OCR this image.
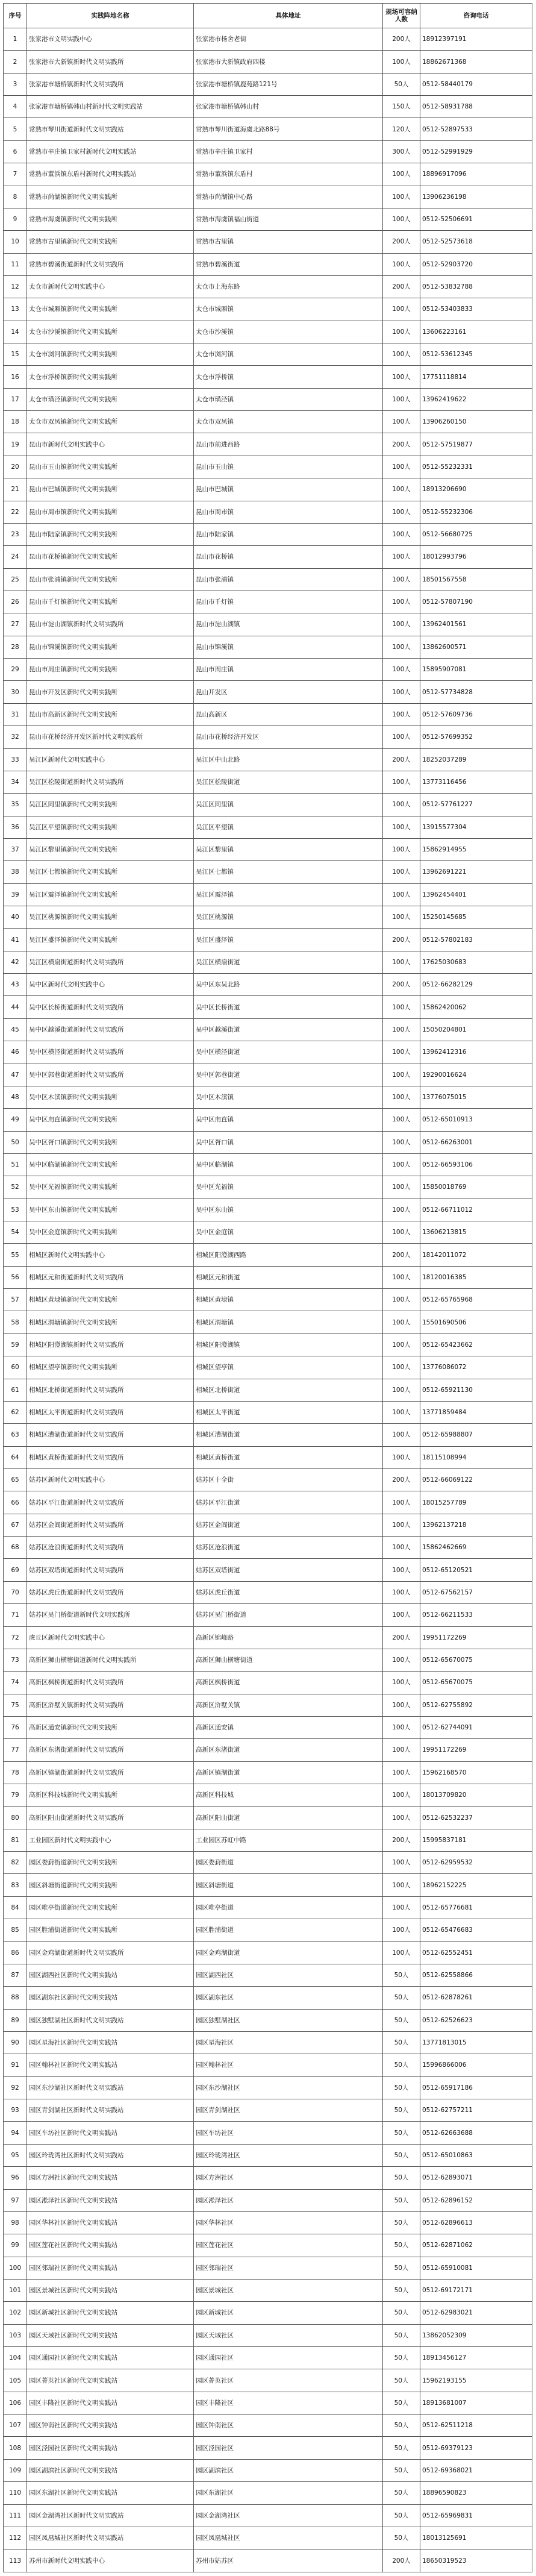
序号	实践阵地名称	具体地址	规场可容纳人数	咨询电话
1	张家港市文明实践中心	张家港市杨舍老街	200人	18912397191
2	张家港市大新镇新时代文明实践所	张家港市大新镇政府四楼	100人	18862671368
3	张家港市塘桥镇新时代文明实践所	张家港市塘桥镇鹿苑路121号	50人	0512-58440179
4	张家港市塘桥镇韩山村新时代文明实践站	张家港市塘桥镇韩山村	150人	0512-58931788
5	常熟市琴川街道新时代文明实践站	常熟市琴川街道海虞北路88号	120人	0512-52897533
6	常熟市辛庄镇卫家村新时代文明实践站	常熟市辛庄镇卫家村	300人	0512-52991929
7	常熟市董浜镇东盾村新时代文明实践站	常熟市董浜镇东盾村	100人	18896917096
8	常熟市尚湖镇新时代文明实践所	常熟市尚湖镇中心路	100人	13906236198
9	常熟市海虞镇新时代文明实践所	常熟市海虞镇福山街道	100人	0512-52506691
10	常熟市古里镇新时代文明实践所	常熟市古里镇	200人	0512-52573618
11	常熟市碧溪街道新时代文明实践所	常熟市碧溪街道	100人	0512-52903720
12	太仓市新时代文明实践中心	太仓市上海东路	200人	0512-53832788
13	太仓市城厢镇新时代文明实践所	太仓市城厢镇	100人	0512-53403833
14	太仓市沙溪镇新时代文明实践所	太仓市沙溪镇	100人	13606223161
15	太仓市浏河镇新时代文明实践所	太仓市浏河镇	100人	0512-53612345
16	太仓市浮桥镇新时代文明实践所	太仓市浮桥镇	100人	17751118814
17	太仓市璜泾镇新时代文明实践所	太仓市璜泾镇	100人	13962419622
18	太仓市双凤镇新时代文明实践所	太仓市双凤镇	100人	13906260150
19	昆山市新时代文明实践中心	昆山市前进西路	200人	0512-57519877
20	昆山市玉山镇新时代文明实践所	昆山市玉山镇	100人	0512-55232331
21	昆山市巴城镇新时代文明实践所	昆山市巴城镇	100人	18913206690
22	昆山市周市镇新时代文明实践所	昆山市周市镇	100人	0512-55232306
23	昆山市陆家镇新时代文明实践所	昆山市陆家镇	100人	0512-56680725
24	昆山市花桥镇新时代文明实践所	昆山市花桥镇	100人	18012993796
25	昆山市张浦镇新时代文明实践所	昆山市张浦镇	100人	18501567558
26	昆山市千灯镇新时代文明实践所	昆山市千灯镇	100人	0512-57807190
27	昆山市淀山湖镇新时代文明实践所	昆山市淀山湖镇	100人	13962401561
28	昆山市锦溪镇新时代文明实践所	昆山市锦溪镇	100人	13862600571
29	昆山市周庄镇新时代文明实践所	昆山市周庄镇	100人	15895907081
30	昆山市开发区新时代文明实践所	昆山开发区	100人	0512-57734828
31	昆山市高新区新时代文明实践所	昆山高新区	100人	0512-57609736
32	昆山市花桥经济开发区新时代文明实践所	昆山市花桥经济开发区	100人	0512-57699352
33	吴江区新时代文明实践中心	吴江区中山北路	200人	18252037289
34	吴江区松陵街道新时代文明实践所	吴江区松陵街道	100人	13773116456
35	吴江区同里镇新时代文明实践所	吴江区同里镇	100人	0512-57761227
36	吴江区平望镇新时代文明实践所	吴江区平望镇	100人	13915577304
37	吴江区黎里镇新时代文明实践所	吴江区黎里镇	100人	15862914955
38	吴江区七都镇新时代文明实践所	吴江区七都镇	100人	13962691221
39	吴江区震泽镇新时代文明实践所	吴江区震泽镇	100人	13962454401
40	吴江区桃源镇新时代文明实践所	吴江区桃源镇	100人	15250145685
41	吴江区盛泽镇新时代文明实践所	吴江区盛泽镇	200人	0512-57802183
42	吴江区横扇街道新时代文明实践所	吴江区横扇街道	100人	17625030683
43	吴中区新时代文明实践中心	吴中区东吴北路	200人	0512-66282129
44	吴中区长桥街道新时代文明实践所	吴中区长桥街道	100人	15862420062
45	吴中区越溪街道新时代文明实践所	吴中区越溪街道	100人	15050204801
46	吴中区横泾街道新时代文明实践所	吴中区横泾街道	100人	13962412316
47	吴中区郭巷街道新时代文明实践所	吴中区郭巷街道	100人	19290016624
48	吴中区木渎镇新时代文明实践所	吴中区木渎镇	100人	13776075015
49	吴中区甪直镇新时代文明实践所	吴中区甪直镇	100人	0512-65010913
50	吴中区胥口镇新时代文明实践所	吴中区胥口镇	100人	0512-66263001
51	吴中区临湖镇新时代文明实践所	吴中区临湖镇	100人	0512-66593106
52	吴中区光福镇新时代文明实践所	吴中区光福镇	100人	15850018769
53	吴中区东山镇新时代文明实践所	吴中区东山镇	100人	0512-66711012
54	吴中区金庭镇新时代文明实践所	吴中区金庭镇	100人	13606213815
55	相城区新时代文明实践中心	相城区阳澄湖西路	200人	18142011072
56	相城区元和街道新时代文明实践所	相城区元和街道	100人	18120016385
57	相城区黄埭镇新时代文明实践所	相城区黄埭镇	100人	0512-65765968
58	相城区渭塘镇新时代文明实践所	相城区渭塘镇	100人	15501690506
59	相城区阳澄湖镇新时代文明实践所	相城区阳澄湖镇	100人	0512-65423662
60	相城区望亭镇新时代文明实践所	相城区望亭镇	100人	13776086072
61	相城区北桥街道新时代文明实践所	相城区北桥街道	100人	0512-65921130
62	相城区太平街道新时代文明实践所	相城区太平街道	100人	13771859484
63	相城区漕湖街道新时代文明实践所	相城区漕湖街道	100人	0512-65988807
64	相城区黄桥街道新时代文明实践所	相城区黄桥街道	100人	18115108994
65	姑苏区新时代文明实践中心	姑苏区十全街	200人	0512-66069122
66	姑苏区平江街道新时代文明实践所	姑苏区平江街道	100人	18015257789
67	姑苏区金阊街道新时代文明实践所	姑苏区金阊街道	100人	13962137218
68	姑苏区沧浪街道新时代文明实践所	姑苏区沧浪街道	100人	15862462669
69	姑苏区双塔街道新时代文明实践所	姑苏区双塔街道	100人	0512-65120521
70	姑苏区虎丘街道新时代文明实践所	姑苏区虎丘街道	100人	0512-67562157
71	姑苏区吴门桥街道新时代文明实践所	姑苏区吴门桥街道	100人	0512-66211533
72	虎丘区新时代文明实践中心	高新区锦峰路	200人	19951172269
73	高新区狮山横塘街道新时代文明实践所	高新区狮山横塘街道	100人	0512-65670075
74	高新区枫桥街道新时代文明实践所	高新区枫桥街道	100人	0512-65670075
75	高新区浒墅关镇新时代文明实践所	高新区浒墅关镇	100人	0512-62755892
76	高新区通安镇新时代文明实践所	高新区通安镇	100人	0512-62744091
77	高新区东渚街道新时代文明实践所	高新区东渚街道	100人	19951172269
78	高新区镇湖街道新时代文明实践所	高新区镇湖街道	100人	15962168570
79	高新区科技城新时代文明实践所	高新区科技城	100人	18013709820
80	高新区阳山街道新时代文明实践所	高新区阳山街道	100人	0512-62532237
81	工业园区新时代文明实践中心	工业园区苏虹中路	200人	15995837181
82	园区娄葑街道新时代文明实践所	园区娄葑街道	100人	0512-62959532
83	园区斜塘街道新时代文明实践所	园区斜塘街道	100人	18962152225
84	园区唯亭街道新时代文明实践所	园区唯亭街道	100人	0512-65776681
85	园区胜浦街道新时代文明实践所	园区胜浦街道	100人	0512-65476683
86	园区金鸡湖街道新时代文明实践所	园区金鸡湖街道	100人	0512-62552451
87	园区湖西社区新时代文明实践站	园区湖西社区	50人	0512-62558866
88	园区湖东社区新时代文明实践站	园区湖东社区	50人	0512-62878261
89	园区独墅湖社区新时代文明实践站	园区独墅湖社区	50人	0512-62526623
90	园区星海社区新时代文明实践站	园区星海社区	50人	13771813015
91	园区翰林社区新时代文明实践站	园区翰林社区	50人	15996866006
92	园区东沙湖社区新时代文明实践站	园区东沙湖社区	50人	0512-65917186
93	园区青剑湖社区新时代文明实践站	园区青剑湖社区	50人	0512-62757211
94	园区车坊社区新时代文明实践站	园区车坊社区	50人	0512-62663688
95	园区玲珑湾社区新时代文明实践站	园区玲珑湾社区	50人	0512-65010863
96	园区方洲社区新时代文明实践站	园区方洲社区	50人	0512-62893071
97	园区淞泽社区新时代文明实践站	园区淞泽社区	50人	0512-62896152
98	园区华林社区新时代文明实践站	园区华林社区	50人	0512-62896613
99	园区莲花社区新时代文明实践站	园区莲花社区	50人	0512-62871062
100	园区邻瑞社区新时代文明实践站	园区邻瑞社区	50人	0512-65910081
101	园区景城社区新时代文明实践站	园区景城社区	50人	0512-69172171
102	园区新城社区新时代文明实践站	园区新城社区	50人	0512-62983021
103	园区天域社区新时代文明实践站	园区天域社区	50人	13862052309
104	园区通园社区新时代文明实践站	园区通园社区	50人	18913456127
105	园区菁英社区新时代文明实践站	园区菁英社区	50人	15962193155
106	园区丰隆社区新时代文明实践站	园区丰隆社区	50人	18913681007
107	园区钟南社区新时代文明实践站	园区钟南社区	50人	0512-62511218
108	园区泾园社区新时代文明实践站	园区泾园社区	50人	0512-69379123
109	园区湖滨社区新时代文明实践站	园区湖滨社区	50人	0512-69368021
110	园区东湖社区新时代文明实践站	园区东湖社区	50人	18896590823
111	园区金湖湾社区新时代文明实践站	园区金湖湾社区	50人	0512-65969831
112	园区凤凰城社区新时代文明实践站	园区凤凰城社区	50人	18013125691
113	苏州市新时代文明实践中心	苏州市姑苏区	200人	18650319523
